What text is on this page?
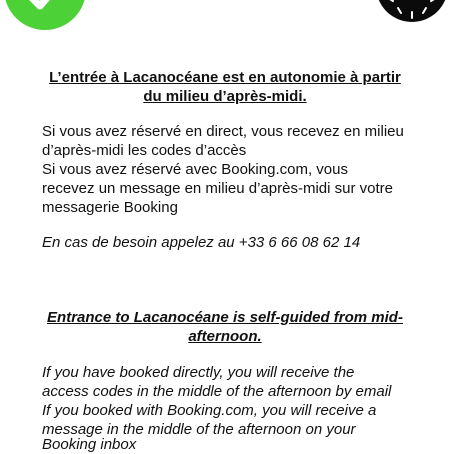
L’entrée à Lacanocéane est en autonomie à partir
du milieu d’après-midi.
Si vous avez réservé en direct, vous recevez en milieu
d’après-midi les codes d’accès
Si vous avez réservé avec Booking.com, vous
recevez un message en milieu d’après-midi sur votre
messagerie Booking
En cas de besoin appelez au +33 6 66 08 62 14
Entrance to Lacanocéane is self-guided from mid-
afternoon.
If you have booked directly, you will receive the
access codes in the middle of the afternoon by email
If you booked with Booking.com, you will receive a
message in the middle of the afternoon on your
Booking inbox
